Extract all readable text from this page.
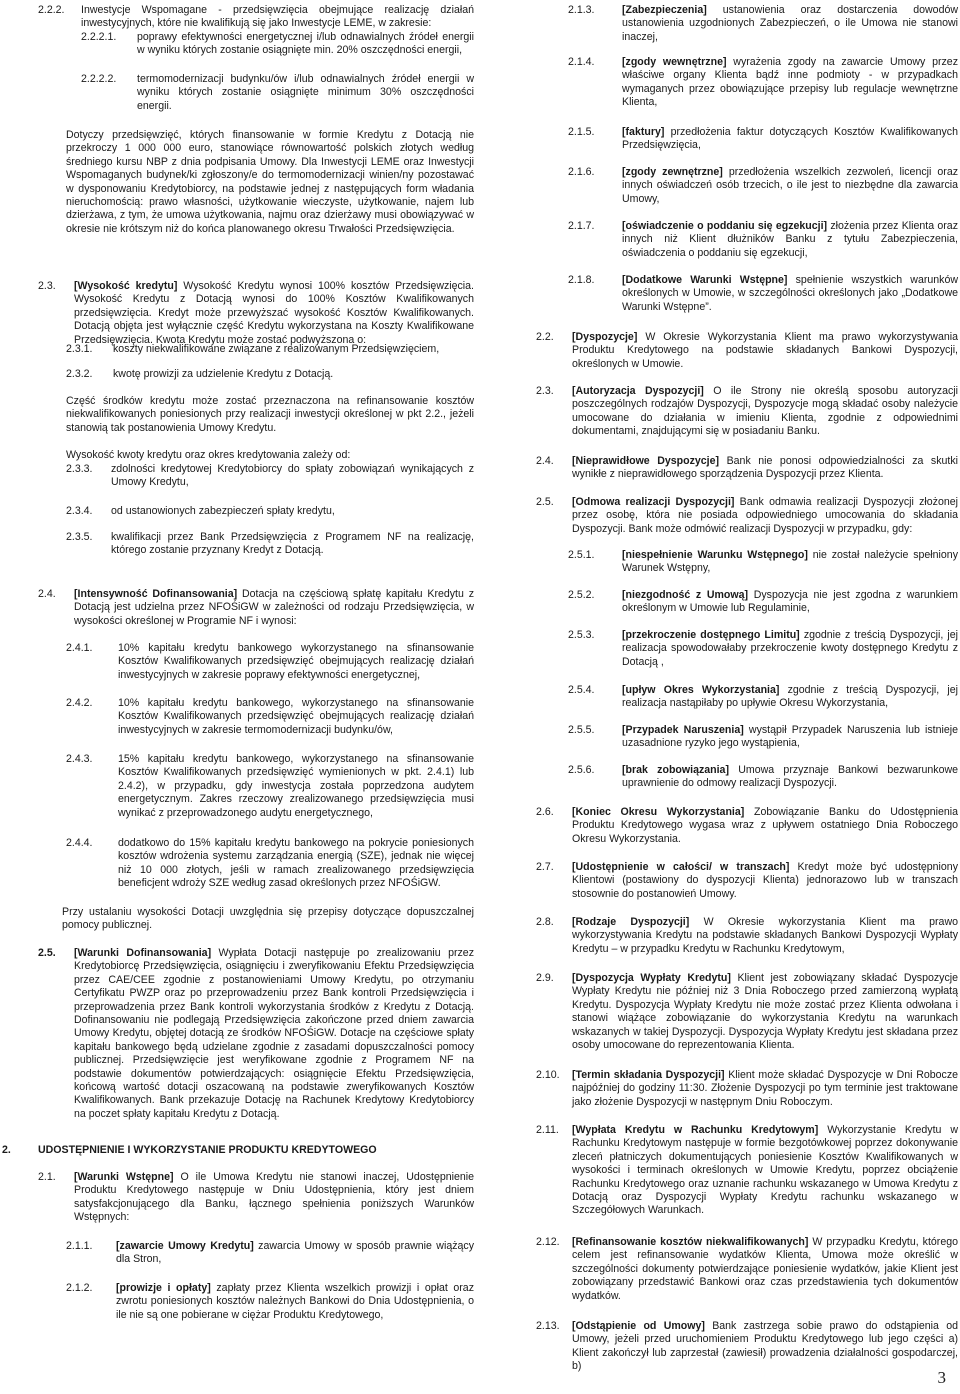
2.2.2. Inwestycje Wspomagane - przedsięwzięcia obejmujące realizację działań inwestycyjnych, które nie kwalifikują się jako Inwestycje LEME, w zakresie:
2.2.2.1. poprawy efektywności energetycznej i/lub odnawialnych źródeł energii w wyniku których zostanie osiągnięte min. 20% oszczędności energii,
2.2.2.2. termomodernizacji budynku/ów i/lub odnawialnych źródeł energii w wyniku których zostanie osiągnięte minimum 30% oszczędności energii.
Dotyczy przedsięwzięć, których finansowanie w formie Kredytu z Dotacją nie przekroczy 1 000 000 euro, stanowiące równowartość polskich złotych według średniego kursu NBP z dnia podpisania Umowy. Dla Inwestycji LEME oraz Inwestycji Wspomaganych budynek/ki zgłoszony/e do termomodernizacji winien/ny pozostawać w dysponowaniu Kredytobiorcy, na podstawie jednej z następujących form władania nieruchomością: prawo własności, użytkowanie wieczyste, użytkowanie, najem lub dzierżawa, z tym, że umowa użytkowania, najmu oraz dzierżawy musi obowiązywać w okresie nie krótszym niż do końca planowanego okresu Trwałości Przedsięwzięcia.
2.3. [Wysokość kredytu] Wysokość Kredytu wynosi 100% kosztów Przedsięwzięcia. Wysokość Kredytu z Dotacją wynosi do 100% Kosztów Kwalifikowanych przedsięwzięcia. Kredyt może przewyższać wysokość Kosztów Kwalifikowanych. Dotacją objęta jest wyłącznie część Kredytu wykorzystana na Koszty Kwalifikowane Przedsięwzięcia. Kwota Kredytu może zostać podwyższona o:
2.3.1. koszty niekwalifikowane związane z realizowanym Przedsięwzięciem,
2.3.2. kwotę prowizji za udzielenie Kredytu z Dotacją.
Część środków kredytu może zostać przeznaczona na refinansowanie kosztów niekwalifikowanych poniesionych przy realizacji inwestycji określonej w pkt 2.2., jeżeli stanowią tak postanowienia Umowy Kredytu.
Wysokość kwoty kredytu oraz okres kredytowania zależy od:
2.3.3. zdolności kredytowej Kredytobiorcy do spłaty zobowiązań wynikających z Umowy Kredytu,
2.3.4. od ustanowionych zabezpieczeń spłaty kredytu,
2.3.5. kwalifikacji przez Bank Przedsięwzięcia z Programem NF na realizację, którego zostanie przyznany Kredyt z Dotacją.
2.4. [Intensywność Dofinansowania] Dotacja na częściową spłatę kapitału Kredytu z Dotacją jest udzielna przez NFOŚiGW w zależności od rodzaju Przedsięwzięcia, w wysokości określonej w Programie NF i wynosi:
2.4.1. 10% kapitału kredytu bankowego wykorzystanego na sfinansowanie Kosztów Kwalifikowanych przedsięwzięć obejmujących realizację działań inwestycyjnych w zakresie poprawy efektywności energetycznej,
2.4.2. 10% kapitału kredytu bankowego, wykorzystanego na sfinansowanie Kosztów Kwalifikowanych przedsięwzięć obejmujących realizację działań inwestycyjnych w zakresie termomodernizacji budynku/ów,
2.4.3. 15% kapitału kredytu bankowego, wykorzystanego na sfinansowanie Kosztów Kwalifikowanych przedsięwzięć wymienionych w pkt. 2.4.1) lub 2.4.2), w przypadku, gdy inwestycja została poprzedzona audytem energetycznym. Zakres rzeczowy zrealizowanego przedsięwzięcia musi wynikać z przeprowadzonego audytu energetycznego,
2.4.4. dodatkowo do 15% kapitału kredytu bankowego na pokrycie poniesionych kosztów wdrożenia systemu zarządzania energią (SZE), jednak nie więcej niż 10 000 złotych, jeśli w ramach zrealizowanego przedsięwzięcia beneficjent wdroży SZE według zasad określonych przez NFOŚiGW.
Przy ustalaniu wysokości Dotacji uwzględnia się przepisy dotyczące dopuszczalnej pomocy publicznej.
2.5. [Warunki Dofinansowania] Wypłata Dotacji następuje po zrealizowaniu przez Kredytobiorcę Przedsięwzięcia, osiągnięciu i zweryfikowaniu Efektu Przedsięwzięcia przez CAE/CEE zgodnie z postanowieniami Umowy Kredytu, po otrzymaniu Certyfikatu PWZP oraz po przeprowadzeniu przez Bank kontroli Przedsięwzięcia i przeprowadzenia przez Bank kontroli wykorzystania środków z Kredytu z Dotacją. Dofinansowaniu nie podlegają Przedsięwzięcia zakończone przed dniem zawarcia Umowy Kredytu, objętej dotacją ze środków NFOŚiGW. Dotacje na częściowe spłaty kapitału bankowego będą udzielane zgodnie z zasadami dopuszczalności pomocy publicznej. Przedsięwzięcie jest weryfikowane zgodnie z Programem NF na podstawie dokumentów potwierdzających: osiągnięcie Efektu Przedsięwzięcia, końcową wartość dotacji oszacowaną na podstawie zweryfikowanych Kosztów Kwalifikowanych. Bank przekazuje Dotację na Rachunek Kredytowy Kredytobiorcy na poczet spłaty kapitału Kredytu z Dotacją.
2.	UDOSTĘPNIENIE I WYKORZYSTANIE PRODUKTU KREDYTOWEGO
2.1. [Warunki Wstępne] O ile Umowa Kredytu nie stanowi inaczej, Udostępnienie Produktu Kredytowego następuje w Dniu Udostępnienia, który jest dniem satysfakcjonującego dla Banku, łącznego spełnienia poniższych Warunków Wstępnych:
2.1.1. [zawarcie Umowy Kredytu] zawarcia Umowy w sposób prawnie wiążący dla Stron,
2.1.2. [prowizje i opłaty] zapłaty przez Klienta wszelkich prowizji i opłat oraz zwrotu poniesionych kosztów należnych Bankowi do Dnia Udostępnienia, o ile nie są one pobierane w ciężar Produktu Kredytowego,
2.1.3.	[Zabezpieczenia] ustanowienia oraz dostarczenia dowodów ustanowienia uzgodnionych Zabezpieczeń, o ile Umowa nie stanowi inaczej,
2.1.4.	[zgody wewnętrzne] wyrażenia zgody na zawarcie Umowy przez właściwe organy Klienta bądź inne podmioty - w przypadkach wymaganych przez obowiązujące przepisy lub regulacje wewnętrzne Klienta,
2.1.5.	[faktury] przedłożenia faktur dotyczących Kosztów Kwalifikowanych Przedsięwzięcia,
2.1.6.	[zgody zewnętrzne] przedłożenia wszelkich zezwoleń, licencji oraz innych oświadczeń osób trzecich, o ile jest to niezbędne dla zawarcia Umowy,
2.1.7.	[oświadczenie o poddaniu się egzekucji] złożenia przez Klienta oraz innych niż Klient dłużników Banku z tytułu Zabezpieczenia, oświadczenia o poddaniu się egzekucji,
2.1.8.	[Dodatkowe Warunki Wstępne] spełnienie wszystkich warunków określonych w Umowie, w szczególności określonych jako „Dodatkowe Warunki Wstępne”.
2.2. [Dyspozycje] W Okresie Wykorzystania Klient ma prawo wykorzystywania Produktu Kredytowego na podstawie składanych Bankowi Dyspozycji, określonych w Umowie.
2.3. [Autoryzacja Dyspozycji] O ile Strony nie określą sposobu autoryzacji poszczególnych rodzajów Dyspozycji, Dyspozycje mogą składać osoby należycie umocowane do działania w imieniu Klienta, zgodnie z odpowiednimi dokumentami, znajdującymi się w posiadaniu Banku.
2.4. [Nieprawidłowe Dyspozycje] Bank nie ponosi odpowiedzialności za skutki wynikłe z nieprawidłowego sporządzenia Dyspozycji przez Klienta.
2.5. [Odmowa realizacji Dyspozycji] Bank odmawia realizacji Dyspozycji złożonej przez osobę, która nie posiada odpowiedniego umocowania do składania Dyspozycji. Bank może odmówić realizacji Dyspozycji w przypadku, gdy:
2.5.1.	[niespełnienie Warunku Wstępnego] nie został należycie spełniony Warunek Wstępny,
2.5.2.	[niezgodność z Umową] Dyspozycja nie jest zgodna z warunkiem określonym w Umowie lub Regulaminie,
2.5.3.	[przekroczenie dostępnego Limitu] zgodnie z treścią Dyspozycji, jej realizacja spowodowałaby przekroczenie kwoty dostępnego Kredytu z Dotacją ,
2.5.4.	[upływ Okres Wykorzystania] zgodnie z treścią Dyspozycji, jej realizacja nastąpiłaby po upływie Okresu Wykorzystania,
2.5.5.	[Przypadek Naruszenia] wystąpił Przypadek Naruszenia lub istnieje uzasadnione ryzyko jego wystąpienia,
2.5.6.	[brak zobowiązania] Umowa przyznaje Bankowi bezwarunkowe uprawnienie do odmowy realizacji Dyspozycji.
2.6. [Koniec Okresu Wykorzystania] Zobowiązanie Banku do Udostępnienia Produktu Kredytowego wygasa wraz z upływem ostatniego Dnia Roboczego Okresu Wykorzystania.
2.7. [Udostępnienie w całości/ w transzach] Kredyt może być udostępniony Klientowi (postawiony do dyspozycji Klienta) jednorazowo lub w transzach stosownie do postanowień Umowy.
2.8. [Rodzaje Dyspozycji] W Okresie wykorzystania Klient ma prawo wykorzystywania Kredytu na podstawie składanych Bankowi Dyspozycji Wypłaty Kredytu – w przypadku Kredytu w Rachunku Kredytowym,
2.9. [Dyspozycja Wypłaty Kredytu] Klient jest zobowiązany składać Dyspozycje Wypłaty Kredytu nie później niż 3 Dnia Roboczego przed zamierzoną wypłatą Kredytu. Dyspozycja Wypłaty Kredytu nie może zostać przez Klienta odwołana i stanowi wiążące zobowiązanie do wykorzystania Kredytu na warunkach wskazanych w takiej Dyspozycji. Dyspozycja Wypłaty Kredytu jest składana przez osoby umocowane do reprezentowania Klienta.
2.10. [Termin składania Dyspozycji] Klient może składać Dyspozycje w Dni Robocze najpóźniej do godziny 11:30. Złożenie Dyspozycji po tym terminie jest traktowane jako złożenie Dyspozycji w następnym Dniu Roboczym.
2.11. [Wypłata Kredytu w Rachunku Kredytowym] Wykorzystanie Kredytu w Rachunku Kredytowym następuje w formie bezgotówkowej poprzez dokonywanie zleceń płatniczych dokumentujących poniesienie Kosztów Kwalifikowanych w wysokości i terminach określonych w Umowie Kredytu, poprzez obciążenie Rachunku Kredytowego oraz uznanie rachunku wskazanego w Umowa Kredytu z Dotacją oraz Dyspozycji Wypłaty Kredytu rachunku wskazanego w Szczegółowych Warunkach.
2.12. [Refinansowanie kosztów niekwalifikowanych] W przypadku Kredytu, którego celem jest refinansowanie wydatków Klienta, Umowa może określić w szczególności dokumenty potwierdzające poniesienie wydatków, jakie Klient jest zobowiązany przedstawić Bankowi oraz czas przedstawienia tych dokumentów wydatków.
2.13. [Odstąpienie od Umowy] Bank zastrzega sobie prawo do odstąpienia od Umowy, jeżeli przed uruchomieniem Produktu Kredytowego lub jego części a) Klient zakończył lub zaprzestał (zawiesił) prowadzenia działalności gospodarczej, b)
3
